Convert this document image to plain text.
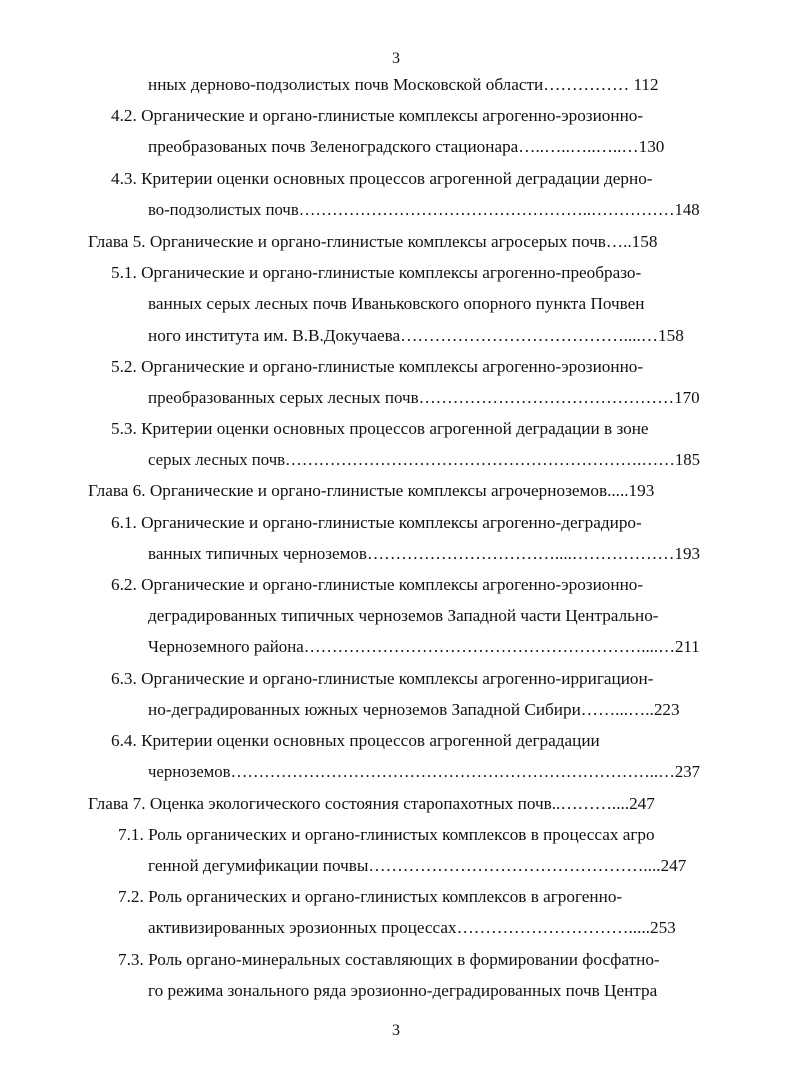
3
нных дерново-подзолистых почв Московской области…………… 112
4.2. Органические и органо-глинистые комплексы агрогенно-эрозионно-
преобразованых почв Зеленоградского стационара…..…..…..…..…130
4.3. Критерии оценки основных процессов агрогенной деградации дерно-
во-подзолистых почв……………………………………………..……………148
Глава 5. Органические и органо-глинистые комплексы агросерых почв…..158
5.1. Органические и органо-глинистые комплексы агрогенно-преобразо-
ванных серых лесных почв Иваньковского опорного пункта Почвен
ного института им. В.В.Докучаева…………………………………....…158
5.2. Органические и органо-глинистые комплексы агрогенно-эрозионно-
преобразованных серых лесных почв………………………………………170
5.3. Критерии оценки основных процессов агрогенной деградации в зоне
серых лесных почв……………………………………………………….……185
Глава 6. Органические и органо-глинистые комплексы агрочерноземов.....193
6.1. Органические и органо-глинистые комплексы агрогенно-деградиро-
ванных типичных черноземов……………………………....………………193
6.2. Органические и органо-глинистые комплексы агрогенно-эрозионно-
деградированных типичных черноземов Западной части Центрально-
Черноземного района……………………………………………………....…211
6.3. Органические и органо-глинистые комплексы агрогенно-ирригацион-
но-деградированных южных черноземов Западной Сибири……...…..223
6.4. Критерии оценки основных процессов агрогенной деградации
черноземов…………………………………………………………………..…237
Глава 7. Оценка экологического состояния старопахотных почв..………....247
7.1. Роль органических и органо-глинистых комплексов в процессах агро
генной дегумификации почвы…………………………………………....247
7.2. Роль органических и органо-глинистых комплексов в агрогенно-
активизированных эрозионных процессах………………………….....253
7.3. Роль органо-минеральных составляющих в формировании фосфатно-
го режима зонального ряда эрозионно-деградированных почв Центра
3
